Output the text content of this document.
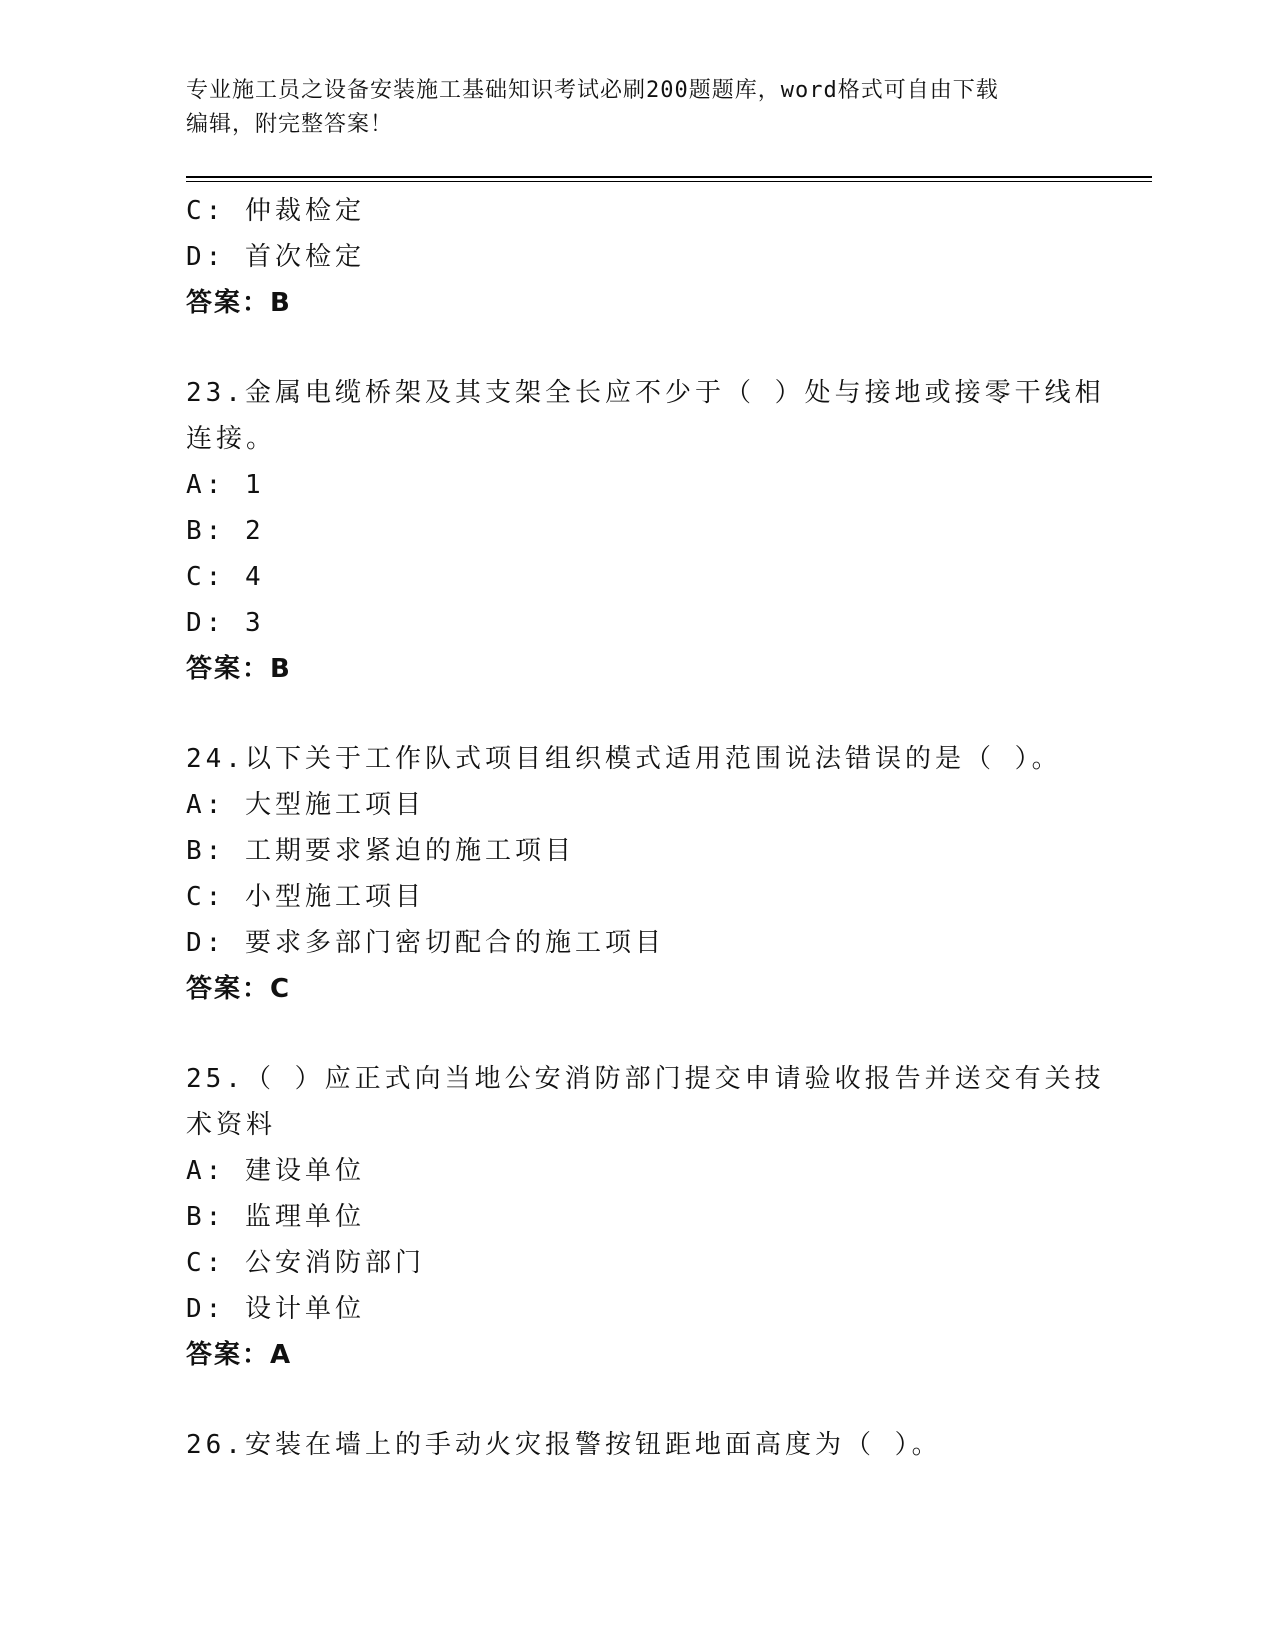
专业施工员之设备安装施工基础知识考试必刷200题题库，word格式可自由下载
编辑，附完整答案！
C: 仲裁检定
D: 首次检定
答案：B
23.金属电缆桥架及其支架全长应不少于（ ）处与接地或接零干线相
连接。
A: 1
B: 2
C: 4
D: 3
答案：B
24.以下关于工作队式项目组织模式适用范围说法错误的是（ ）。
A: 大型施工项目
B: 工期要求紧迫的施工项目
C: 小型施工项目
D: 要求多部门密切配合的施工项目
答案：C
25.（ ）应正式向当地公安消防部门提交申请验收报告并送交有关技
术资料
A: 建设单位
B: 监理单位
C: 公安消防部门
D: 设计单位
答案：A
26.安装在墙上的手动火灾报警按钮距地面高度为（ ）。
